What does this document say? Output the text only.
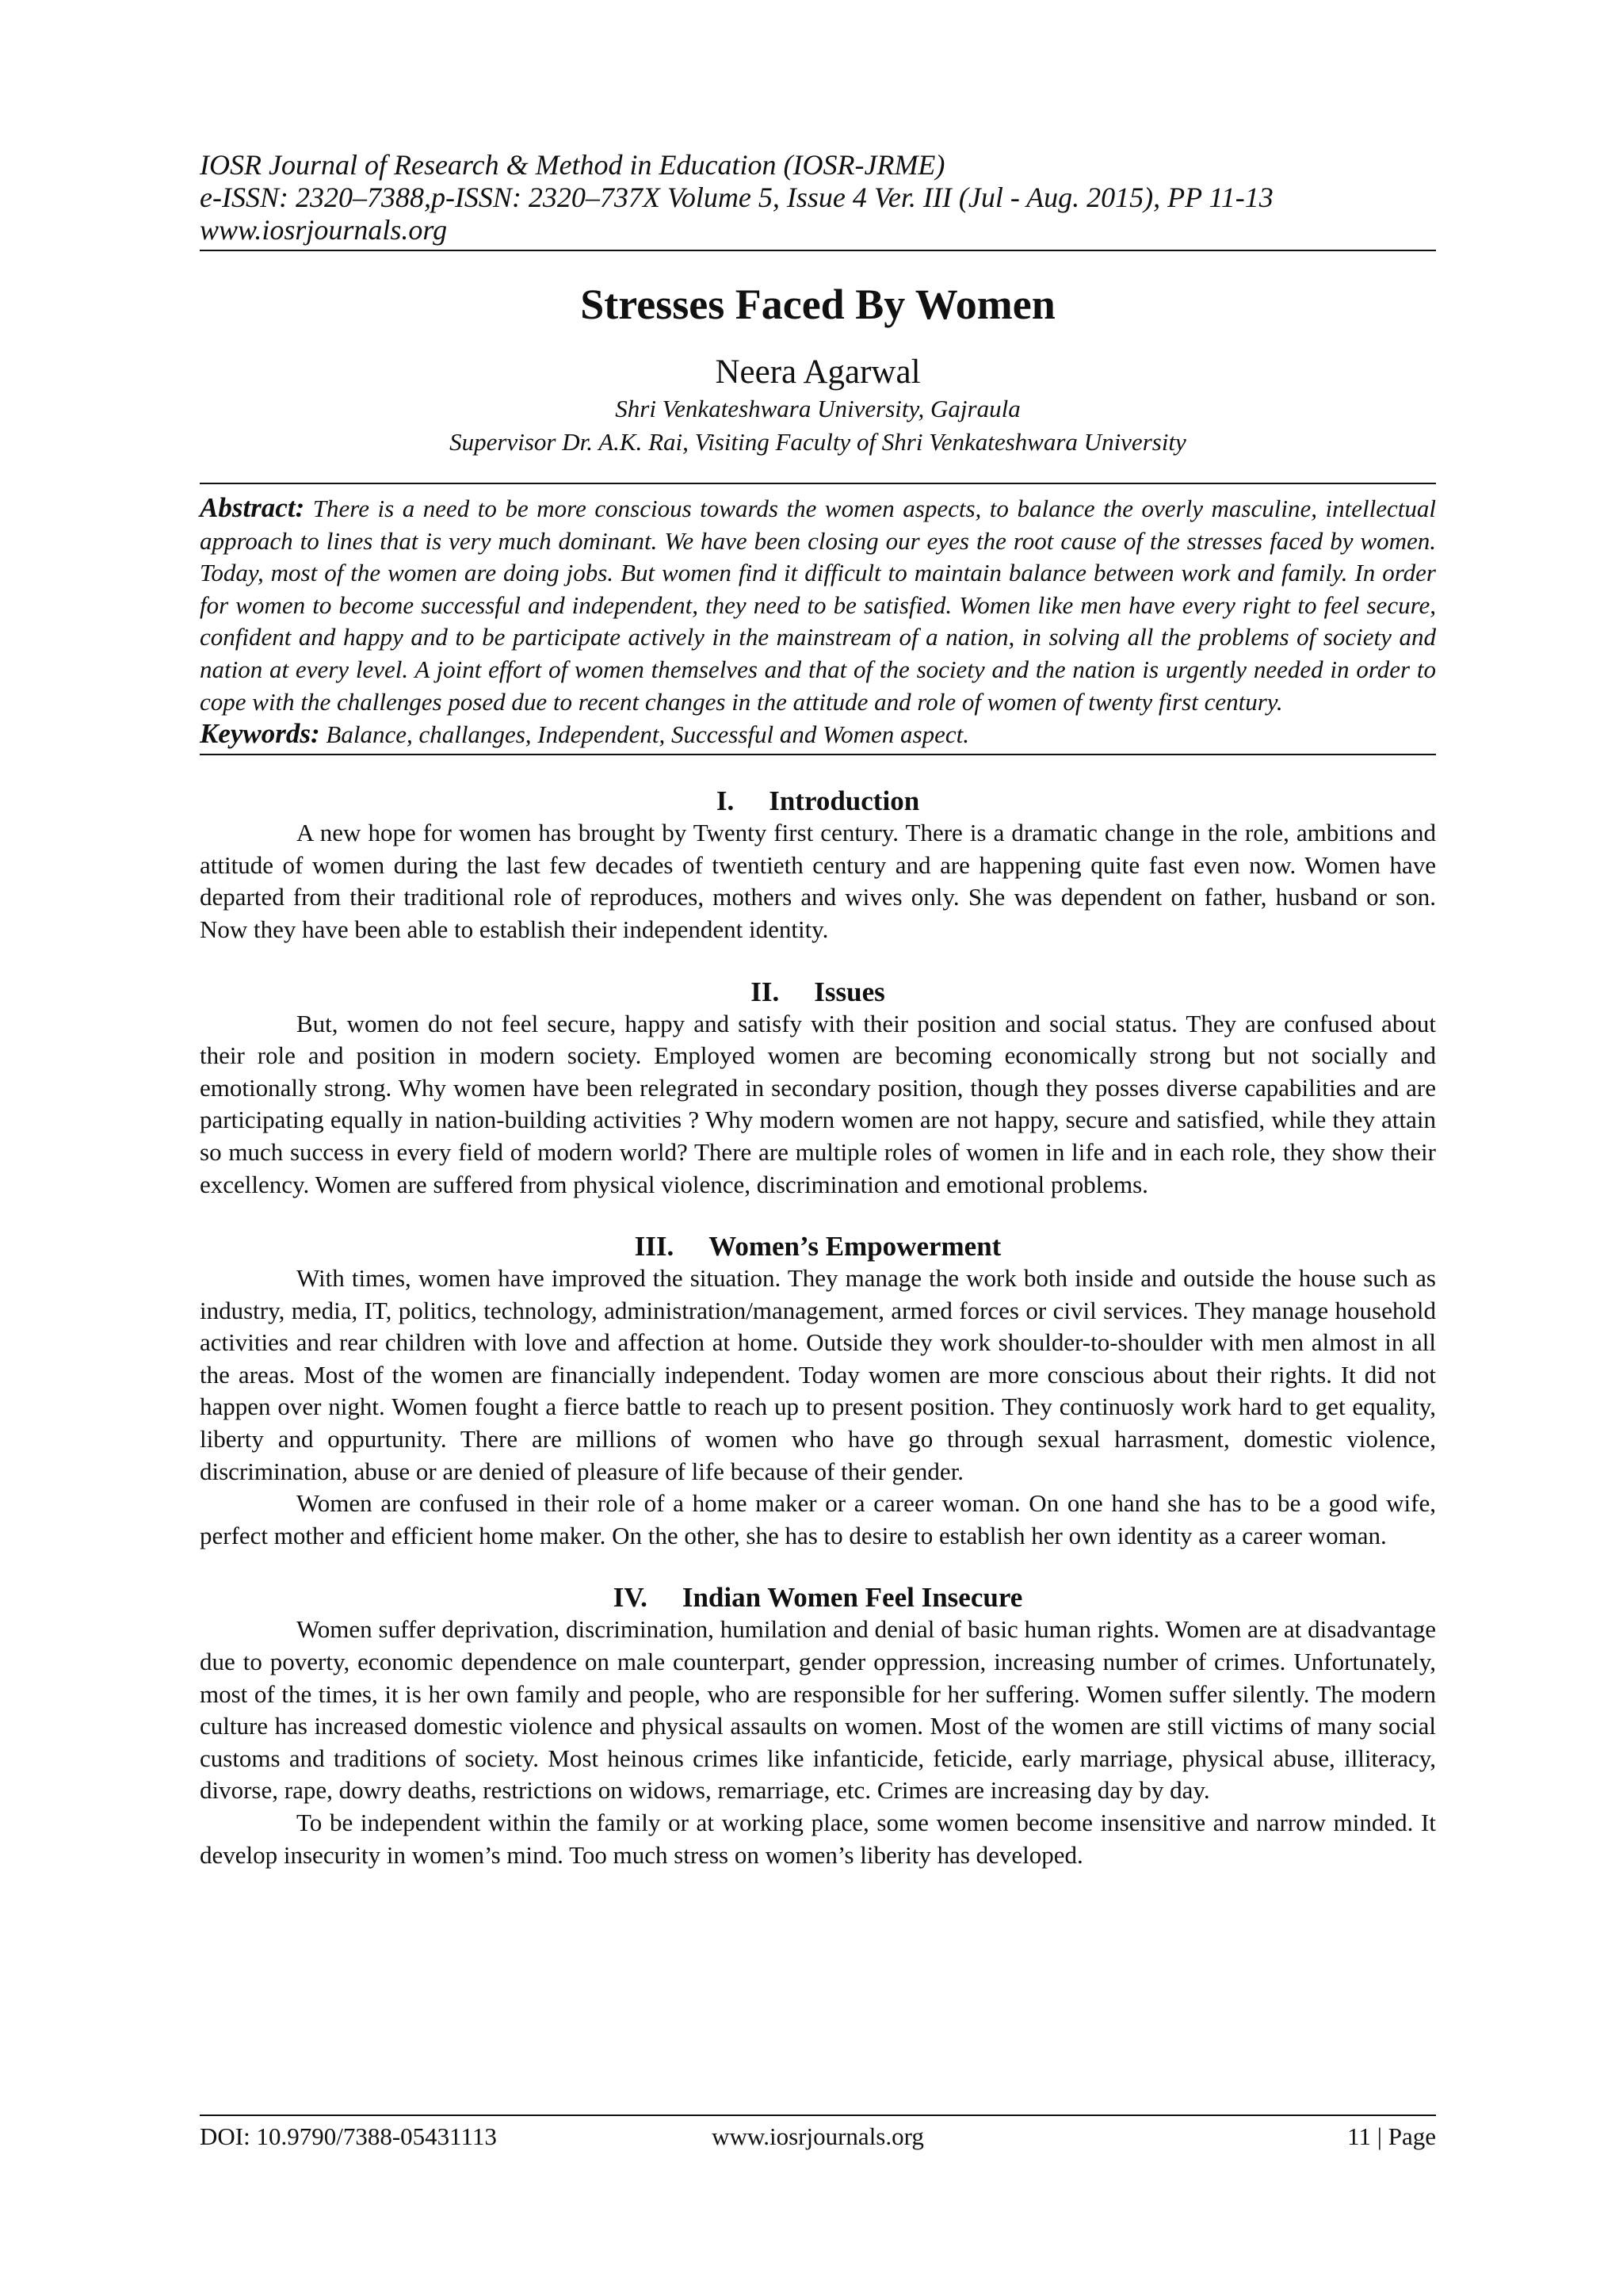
IOSR Journal of Research & Method in Education (IOSR-JRME)
e-ISSN: 2320–7388,p-ISSN: 2320–737X Volume 5, Issue 4 Ver. III (Jul - Aug. 2015), PP 11-13
www.iosrjournals.org
Stresses Faced By Women
Neera Agarwal
Shri Venkateshwara University, Gajraula
Supervisor Dr. A.K. Rai, Visiting Faculty of Shri Venkateshwara University
Abstract: There is a need to be more conscious towards the women aspects, to balance the overly masculine, intellectual approach to lines that is very much dominant. We have been closing our eyes the root cause of the stresses faced by women. Today, most of the women are doing jobs. But women find it difficult to maintain balance between work and family. In order for women to become successful and independent, they need to be satisfied. Women like men have every right to feel secure, confident and happy and to be participate actively in the mainstream of a nation, in solving all the problems of society and nation at every level. A joint effort of women themselves and that of the society and the nation is urgently needed in order to cope with the challenges posed due to recent changes in the attitude and role of women of twenty first century.
Keywords: Balance, challanges, Independent, Successful and Women aspect.
I. Introduction

A new hope for women has brought by Twenty first century. There is a dramatic change in the role, ambitions and attitude of women during the last few decades of twentieth century and are happening quite fast even now. Women have departed from their traditional role of reproduces, mothers and wives only. She was dependent on father, husband or son. Now they have been able to establish their independent identity.

II. Issues

But, women do not feel secure, happy and satisfy with their position and social status. They are confused about their role and position in modern society. Employed women are becoming economically strong but not socially and emotionally strong. Why women have been relegrated in secondary position, though they posses diverse capabilities and are participating equally in nation-building activities ? Why modern women are not happy, secure and satisfied, while they attain so much success in every field of modern world? There are multiple roles of women in life and in each role, they show their excellency. Women are suffered from physical violence, discrimination and emotional problems.

III. Women’s Empowerment

With times, women have improved the situation. They manage the work both inside and outside the house such as industry, media, IT, politics, technology, administration/management, armed forces or civil services. They manage household activities and rear children with love and affection at home. Outside they work shoulder-to-shoulder with men almost in all the areas. Most of the women are financially independent. Today women are more conscious about their rights. It did not happen over night. Women fought a fierce battle to reach up to present position. They continuosly work hard to get equality, liberty and oppurtunity. There are millions of women who have go through sexual harrasment, domestic violence, discrimination, abuse or are denied of pleasure of life because of their gender.

Women are confused in their role of a home maker or a career woman. On one hand she has to be a good wife, perfect mother and efficient home maker. On the other, she has to desire to establish her own identity as a career woman.

IV. Indian Women Feel Insecure

Women suffer deprivation, discrimination, humilation and denial of basic human rights. Women are at disadvantage due to poverty, economic dependence on male counterpart, gender oppression, increasing number of crimes. Unfortunately, most of the times, it is her own family and people, who are responsible for her suffering. Women suffer silently. The modern culture has increased domestic violence and physical assaults on women. Most of the women are still victims of many social customs and traditions of society. Most heinous crimes like infanticide, feticide, early marriage, physical abuse, illiteracy, divorse, rape, dowry deaths, restrictions on widows, remarriage, etc. Crimes are increasing day by day.

To be independent within the family or at working place, some women become insensitive and narrow minded. It develop insecurity in women’s mind. Too much stress on women’s liberity has developed.

DOI: 10.9790/7388-05431113	www.iosrjournals.org	11 | Page
